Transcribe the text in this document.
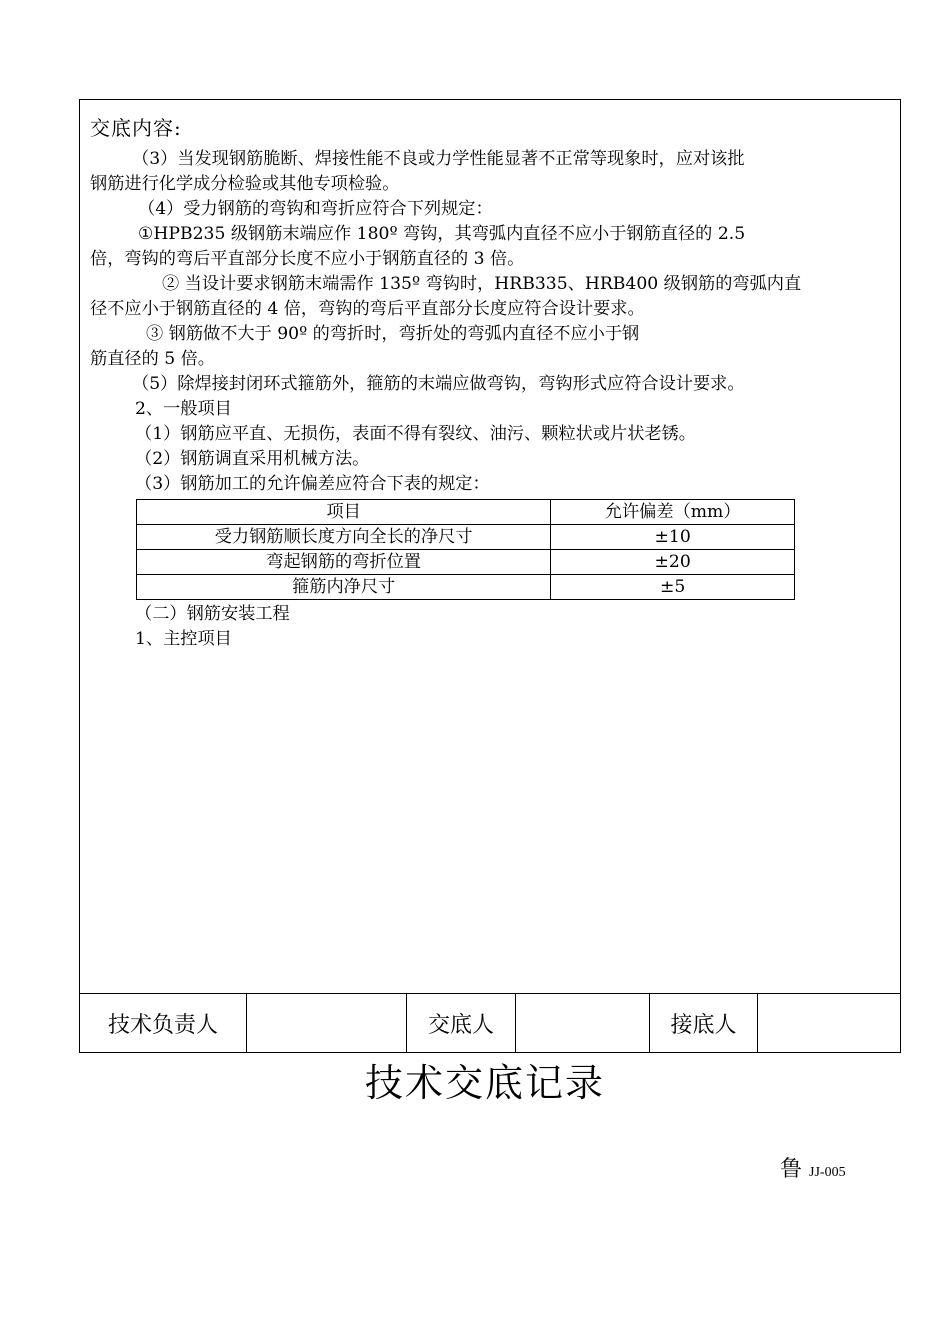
交底内容:
（3）当发现钢筋脆断、焊接性能不良或力学性能显著不正常等现象时，应对该批
钢筋进行化学成分检验或其他专项检验。
（4）受力钢筋的弯钩和弯折应符合下列规定：
①HPB235 级钢筋末端应作 180º 弯钩，其弯弧内直径不应小于钢筋直径的 2.5
倍，弯钩的弯后平直部分长度不应小于钢筋直径的 3 倍。
② 当设计要求钢筋末端需作 135º 弯钩时，HRB335、HRB400 级钢筋的弯弧内直
径不应小于钢筋直径的 4 倍，弯钩的弯后平直部分长度应符合设计要求。
③ 钢筋做不大于 90º 的弯折时，弯折处的弯弧内直径不应小于钢
筋直径的 5 倍。
（5）除焊接封闭环式箍筋外，箍筋的末端应做弯钩，弯钩形式应符合设计要求。
2、一般项目
（1）钢筋应平直、无损伤，表面不得有裂纹、油污、颗粒状或片状老锈。
（2）钢筋调直采用机械方法。
（3）钢筋加工的允许偏差应符合下表的规定：
项目	允许偏差（mm）
受力钢筋顺长度方向全长的净尺寸	±10
弯起钢筋的弯折位置	±20
箍筋内净尺寸	±5
（二）钢筋安装工程
1、主控项目
技术负责人	交底人	接底人
技术交底记录
鲁 JJ-005
